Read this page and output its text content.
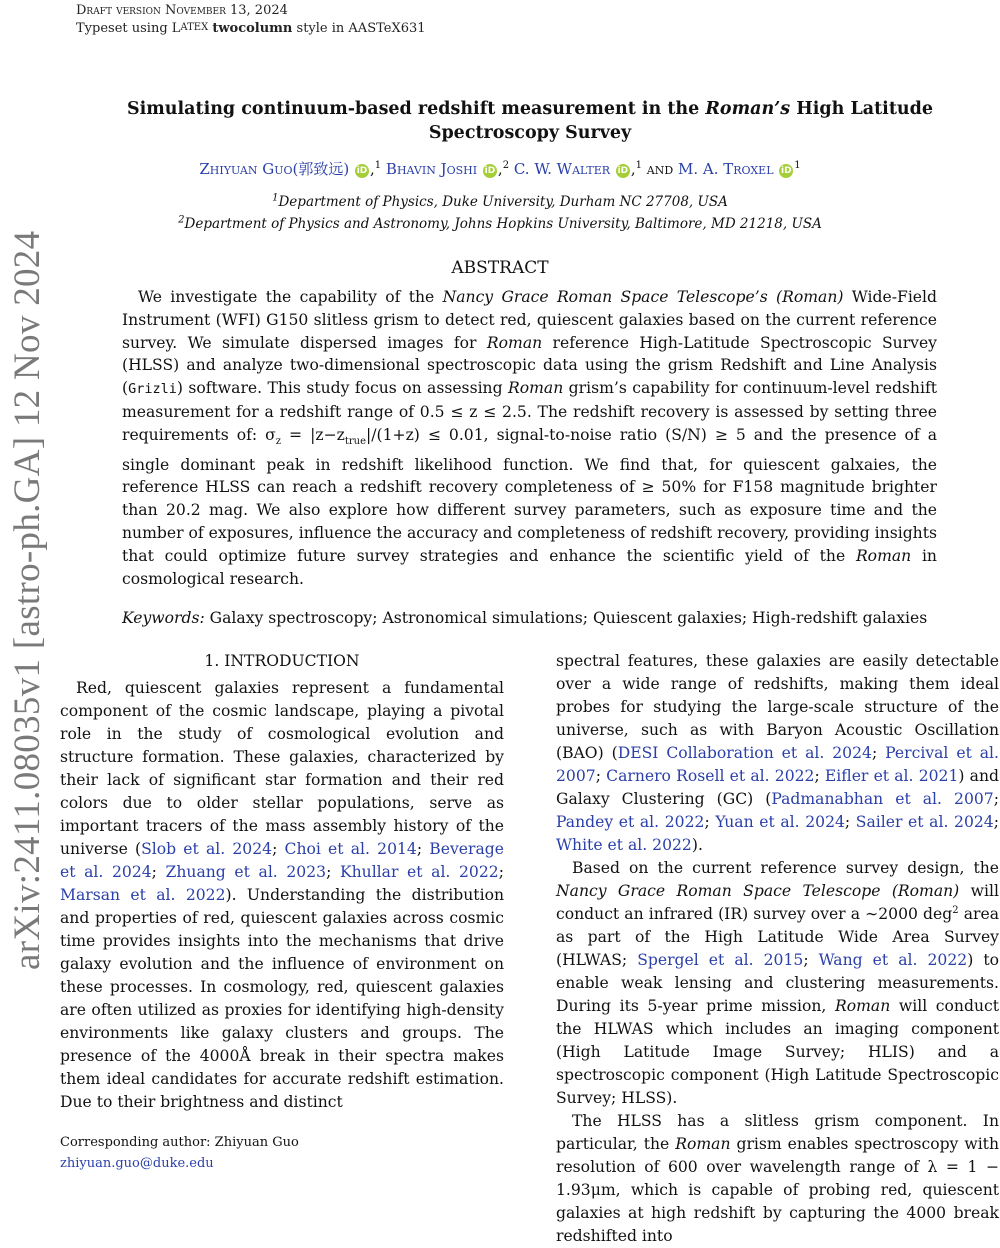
Draft version November 13, 2024
Typeset using LATEX twocolumn style in AASTeX631
arXiv:2411.08035v1 [astro-ph.GA] 12 Nov 2024
Simulating continuum-based redshift measurement in the Roman’s High Latitude Spectroscopy Survey
Zhiyuan Guo(郭致远) iD ,$^1$ Bhavin Joshi iD ,$^2$ C. W. Walter iD ,$^1$ and M. A. Troxel iD $^1$
$^1$Department of Physics, Duke University, Durham NC 27708, USA
$^2$Department of Physics and Astronomy, Johns Hopkins University, Baltimore, MD 21218, USA
ABSTRACT

We investigate the capability of the Nancy Grace Roman Space Telescope’s (Roman) Wide-Field Instrument (WFI) G150 slitless grism to detect red, quiescent galaxies based on the current reference survey. We simulate dispersed images for Roman reference High-Latitude Spectroscopic Survey (HLSS) and analyze two-dimensional spectroscopic data using the grism Redshift and Line Analysis (Grizli) software. This study focus on assessing Roman grism’s capability for continuum-level redshift measurement for a redshift range of 0.5 ≤ z ≤ 2.5. The redshift recovery is assessed by setting three requirements of: $\sigma_z = |z-z_{true}|/(1+z) \le 0.01$, signal-to-noise ratio (S/N) ≥ 5 and the presence of a single dominant peak in redshift likelihood function. We find that, for quiescent galxaies, the reference HLSS can reach a redshift recovery completeness of ≥ 50% for F158 magnitude brighter than 20.2 mag. We also explore how different survey parameters, such as exposure time and the number of exposures, influence the accuracy and completeness of redshift recovery, providing insights that could optimize future survey strategies and enhance the scientific yield of the Roman in cosmological research.

Keywords: Galaxy spectroscopy; Astronomical simulations; Quiescent galaxies; High-redshift galaxies
1. INTRODUCTION

Red, quiescent galaxies represent a fundamental component of the cosmic landscape, playing a pivotal role in the study of cosmological evolution and structure formation. These galaxies, characterized by their lack of significant star formation and their red colors due to older stellar populations, serve as important tracers of the mass assembly history of the universe (Slob et al. 2024; Choi et al. 2014; Beverage et al. 2024; Zhuang et al. 2023; Khullar et al. 2022; Marsan et al. 2022). Understanding the distribution and properties of red, quiescent galaxies across cosmic time provides insights into the mechanisms that drive galaxy evolution and the influence of environment on these processes. In cosmology, red, quiescent galaxies are often utilized as proxies for identifying high-density environments like galaxy clusters and groups. The presence of the 4000Å break in their spectra makes them ideal candidates for accurate redshift estimation. Due to their brightness and distinct

spectral features, these galaxies are easily detectable over a wide range of redshifts, making them ideal probes for studying the large-scale structure of the universe, such as with Baryon Acoustic Oscillation (BAO) (DESI Collaboration et al. 2024; Percival et al. 2007; Carnero Rosell et al. 2022; Eifler et al. 2021) and Galaxy Clustering (GC) (Padmanabhan et al. 2007; Pandey et al. 2022; Yuan et al. 2024; Sailer et al. 2024; White et al. 2022).

Based on the current reference survey design, the Nancy Grace Roman Space Telescope (Roman) will conduct an infrared (IR) survey over a ∼2000 deg$^2$ area as part of the High Latitude Wide Area Survey (HLWAS; Spergel et al. 2015; Wang et al. 2022) to enable weak lensing and clustering measurements. During its 5-year prime mission, Roman will conduct the HLWAS which includes an imaging component (High Latitude Image Survey; HLIS) and a spectroscopic component (High Latitude Spectroscopic Survey; HLSS).

The HLSS has a slitless grism component. In particular, the Roman grism enables spectroscopy with resolution of 600 over wavelength range of λ = 1 − 1.93μm, which is capable of probing red, quiescent galaxies at high redshift by capturing the 4000 break redshifted into

Corresponding author: Zhiyuan Guo
zhiyuan.guo@duke.edu
